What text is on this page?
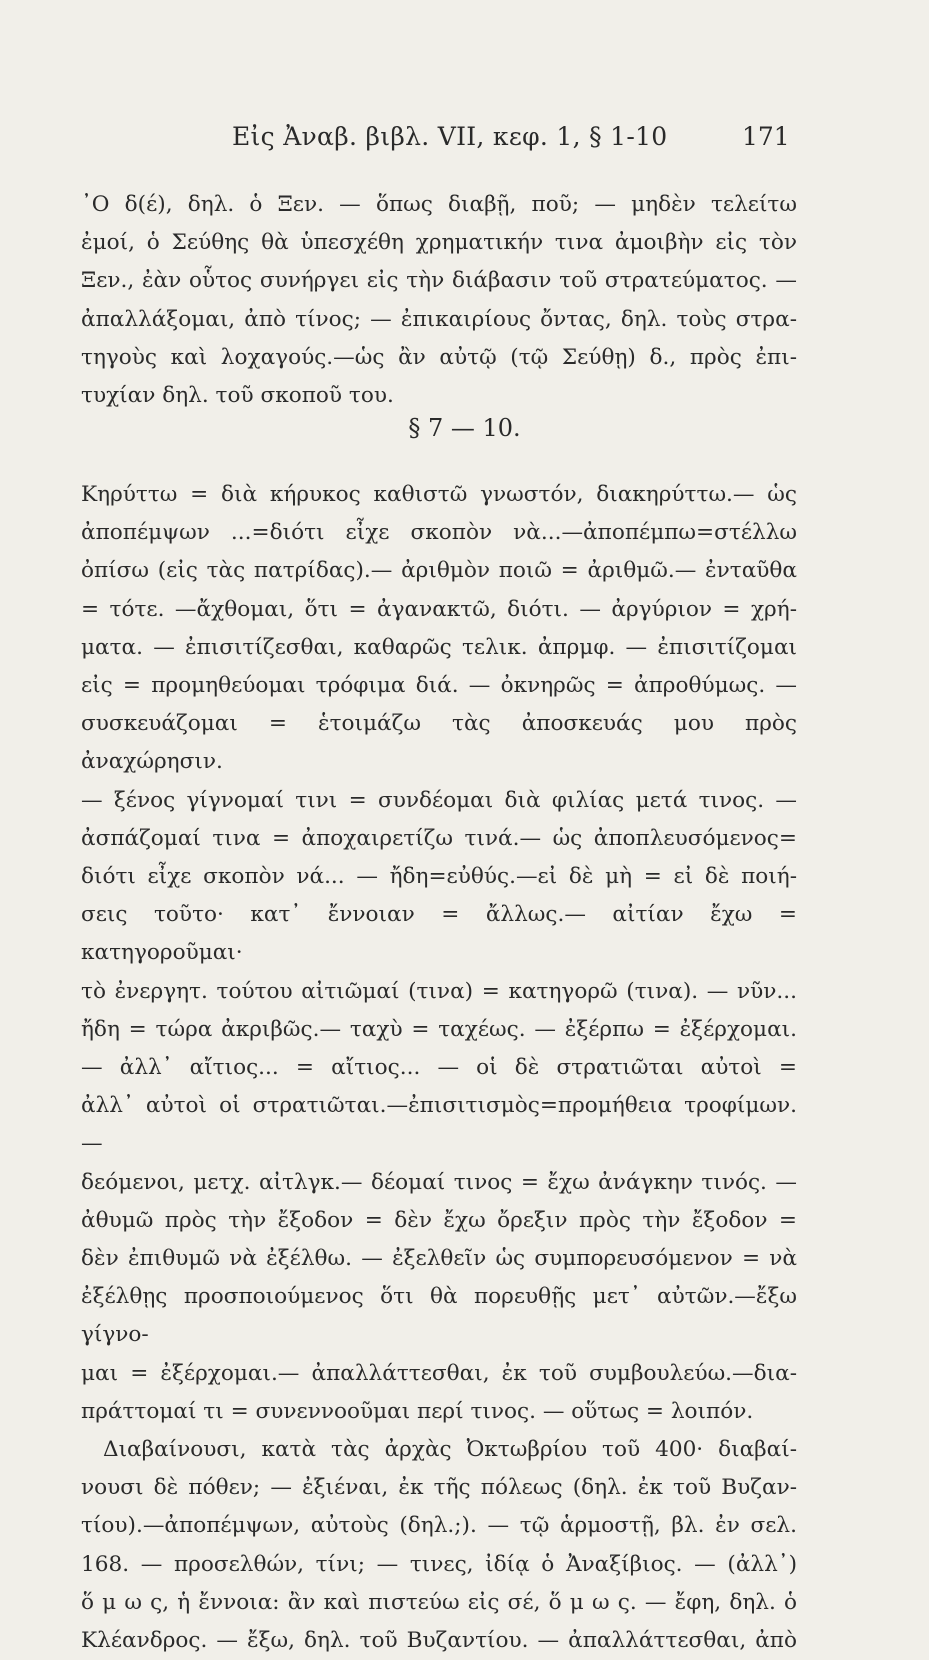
Εἰς Ἀναβ. βιβλ. VII, κεφ. 1, § 1-10	171

᾿Ο δ(έ), δηλ. ὁ Ξεν. — ὅπως διαβῇ, ποῦ; — μηδὲν τελείτω

ἐμοί, ὁ Σεύθης θὰ ὑπεσχέθη χρηματικήν τινα ἀμοιβὴν εἰς τὸν

Ξεν., ἐὰν οὗτος συνήργει εἰς τὴν διάβασιν τοῦ στρατεύματος. —

ἀπαλλάξομαι, ἀπὸ τίνος; — ἐπικαιρίους ὄντας, δηλ. τοὺς στρα-

τηγοὺς καὶ λοχαγούς.—ὡς ἂν αὐτῷ (τῷ Σεύθῃ) δ., πρὸς ἐπι-

τυχίαν δηλ. τοῦ σκοποῦ του.

§ 7 — 10.

Κηρύττω = διὰ κήρυκος καθιστῶ γνωστόν, διακηρύττω.— ὡς

ἀποπέμψων ...=διότι εἶχε σκοπὸν νὰ...—ἀποπέμπω=στέλλω

ὀπίσω (εἰς τὰς πατρίδας).— ἀριθμὸν ποιῶ = ἀριθμῶ.— ἐνταῦθα

= τότε. —ἄχθομαι, ὅτι = ἀγανακτῶ, διότι. — ἀργύριον = χρή-

ματα. — ἐπισιτίζεσθαι, καθαρῶς τελικ. ἀπρμφ. — ἐπισιτίζομαι

εἰς = προμηθεύομαι τρόφιμα διά. — ὀκνηρῶς = ἀπροθύμως. —

συσκευάζομαι = ἑτοιμάζω τὰς ἀποσκευάς μου πρὸς ἀναχώρησιν.

— ξένος γίγνομαί τινι = συνδέομαι διὰ φιλίας μετά τινος. —

ἀσπάζομαί τινα = ἀποχαιρετίζω τινά.— ὡς ἀποπλευσόμενος=

διότι εἶχε σκοπὸν νά... — ἤδη=εὐθύς.—εἰ δὲ μὴ = εἰ δὲ ποιή-

σεις τοῦτο· κατ᾽ ἔννοιαν = ἄλλως.— αἰτίαν ἔχω = κατηγοροῦμαι·

τὸ ἐνεργητ. τούτου αἰτιῶμαί (τινα) = κατηγορῶ (τινα). — νῦν...

ἤδη = τώρα ἀκριβῶς.— ταχὺ = ταχέως. — ἐξέρπω = ἐξέρχομαι.

— ἀλλ᾽ αἴτιος... = αἴτιος... — οἱ δὲ στρατιῶται αὐτοὶ =

ἀλλ᾽ αὐτοὶ οἱ στρατιῶται.—ἐπισιτισμὸς=προμήθεια τροφίμων.—

δεόμενοι, μετχ. αἰτλγκ.— δέομαί τινος = ἔχω ἀνάγκην τινός. —

ἀθυμῶ πρὸς τὴν ἔξοδον = δὲν ἔχω ὄρεξιν πρὸς τὴν ἔξοδον =

δὲν ἐπιθυμῶ νὰ ἐξέλθω. — ἐξελθεῖν ὡς συμπορευσόμενον = νὰ

ἐξέλθῃς προσποιούμενος ὅτι θὰ πορευθῇς μετ᾽ αὐτῶν.—ἔξω γίγνο-

μαι = ἐξέρχομαι.— ἀπαλλάττεσθαι, ἐκ τοῦ συμβουλεύω.—δια-

πράττομαί τι = συνεννοοῦμαι περί τινος. — οὕτως = λοιπόν.

Διαβαίνουσι, κατὰ τὰς ἀρχὰς Ὀκτωβρίου τοῦ 400· διαβαί-

νουσι δὲ πόθεν; — ἐξιέναι, ἐκ τῆς πόλεως (δηλ. ἐκ τοῦ Βυζαν-

τίου).—ἀποπέμψων, αὐτοὺς (δηλ.;). — τῷ ἁρμοστῇ, βλ. ἐν σελ.

168. — προσελθών, τίνι; — τινες, ἰδίᾳ ὁ Ἀναξίβιος. — (ἀλλ᾽)

ὅ μ ω ς, ἡ ἔννοια: ἂν καὶ πιστεύω εἰς σέ, ὅ μ ω ς. — ἔφη, δηλ. ὁ

Κλέανδρος. — ἔξω, δηλ. τοῦ Βυζαντίου. — ἀπαλλάττεσθαι, ἀπὸ
